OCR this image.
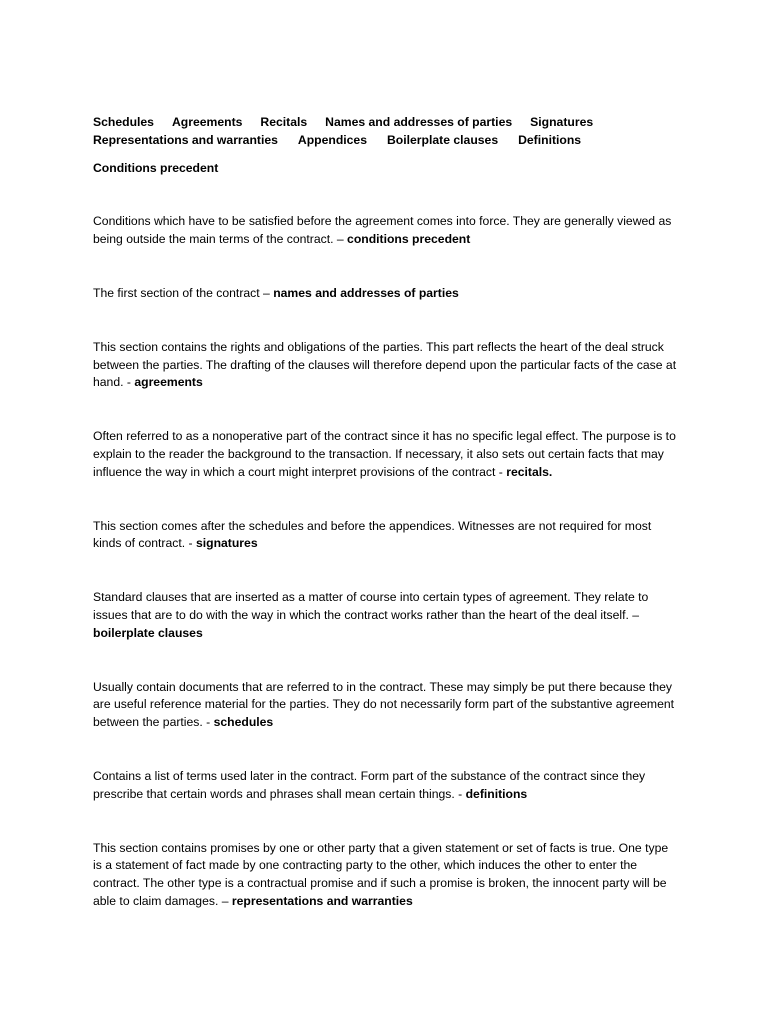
Schedules Agreements Recitals Names and addresses of parties Signatures
Representations and warranties Appendices Boilerplate clauses Definitions
Conditions precedent

Conditions which have to be satisfied before the agreement comes into force. They are generally viewed as being outside the main terms of the contract. – conditions precedent

The first section of the contract – names and addresses of parties

This section contains the rights and obligations of the parties. This part reflects the heart of the deal struck between the parties. The drafting of the clauses will therefore depend upon the particular facts of the case at hand. - agreements

Often referred to as a nonoperative part of the contract since it has no specific legal effect. The purpose is to explain to the reader the background to the transaction. If necessary, it also sets out certain facts that may influence the way in which a court might interpret provisions of the contract - recitals.

This section comes after the schedules and before the appendices. Witnesses are not required for most kinds of contract. - signatures

Standard clauses that are inserted as a matter of course into certain types of agreement. They relate to issues that are to do with the way in which the contract works rather than the heart of the deal itself. – boilerplate clauses

Usually contain documents that are referred to in the contract. These may simply be put there because they are useful reference material for the parties. They do not necessarily form part of the substantive agreement between the parties. - schedules

Contains a list of terms used later in the contract. Form part of the substance of the contract since they prescribe that certain words and phrases shall mean certain things. - definitions

This section contains promises by one or other party that a given statement or set of facts is true. One type is a statement of fact made by one contracting party to the other, which induces the other to enter the contract. The other type is a contractual promise and if such a promise is broken, the innocent party will be able to claim damages. – representations and warranties
